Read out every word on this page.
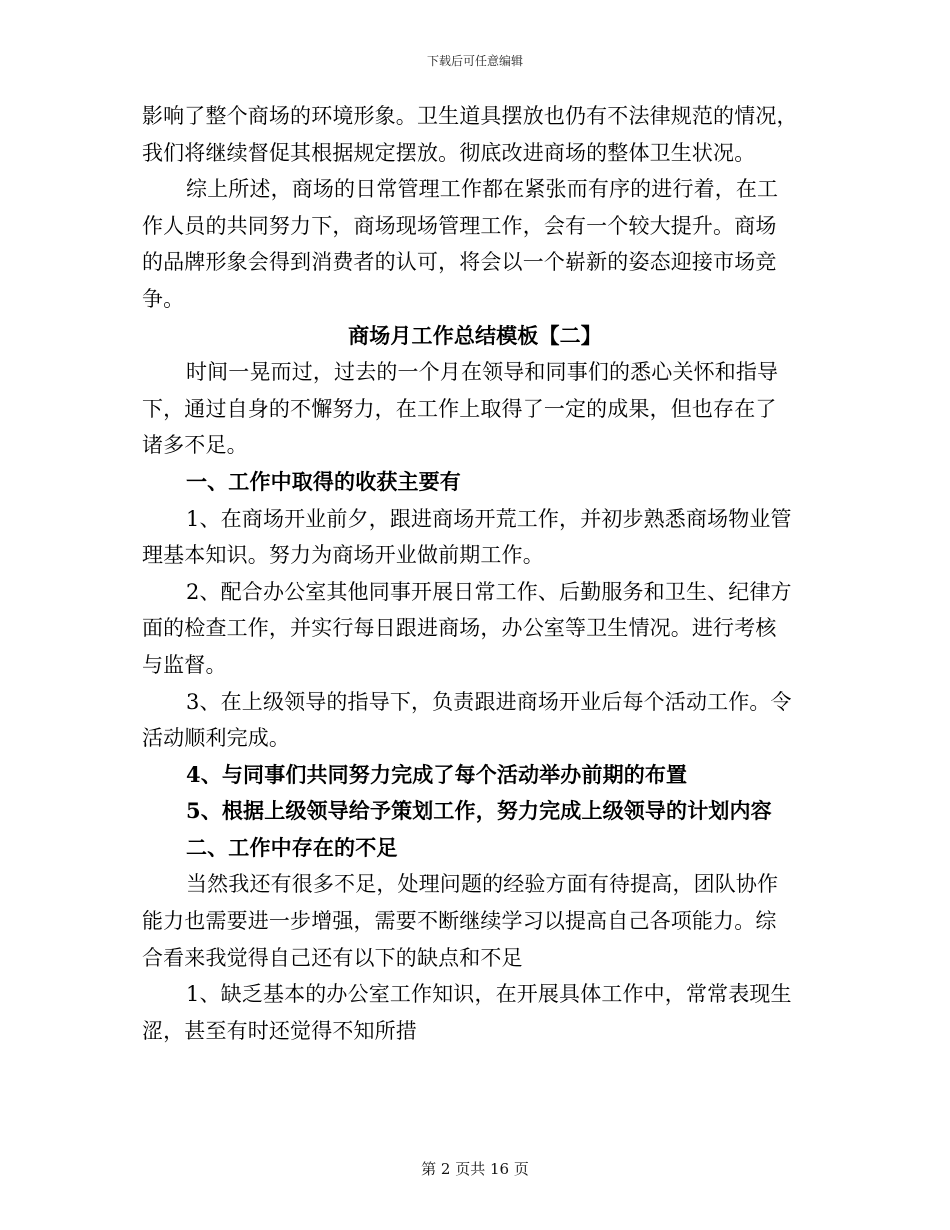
下载后可任意编辑
影响了整个商场的环境形象。卫生道具摆放也仍有不法律规范的情况，
我们将继续督促其根据规定摆放。彻底改进商场的整体卫生状况。
综上所述，商场的日常管理工作都在紧张而有序的进行着，在工
作人员的共同努力下，商场现场管理工作，会有一个较大提升。商场
的品牌形象会得到消费者的认可，将会以一个崭新的姿态迎接市场竞
争。
商场月工作总结模板【二】
时间一晃而过，过去的一个月在领导和同事们的悉心关怀和指导
下，通过自身的不懈努力，在工作上取得了一定的成果，但也存在了
诸多不足。
一、工作中取得的收获主要有
1、在商场开业前夕，跟进商场开荒工作，并初步熟悉商场物业管
理基本知识。努力为商场开业做前期工作。
2、配合办公室其他同事开展日常工作、后勤服务和卫生、纪律方
面的检查工作，并实行每日跟进商场，办公室等卫生情况。进行考核
与监督。
3、在上级领导的指导下，负责跟进商场开业后每个活动工作。令
活动顺利完成。
4、与同事们共同努力完成了每个活动举办前期的布置
5、根据上级领导给予策划工作，努力完成上级领导的计划内容
二、工作中存在的不足
当然我还有很多不足，处理问题的经验方面有待提高，团队协作
能力也需要进一步增强，需要不断继续学习以提高自己各项能力。综
合看来我觉得自己还有以下的缺点和不足
1、缺乏基本的办公室工作知识，在开展具体工作中，常常表现生
涩，甚至有时还觉得不知所措
第 2 页共 16 页
